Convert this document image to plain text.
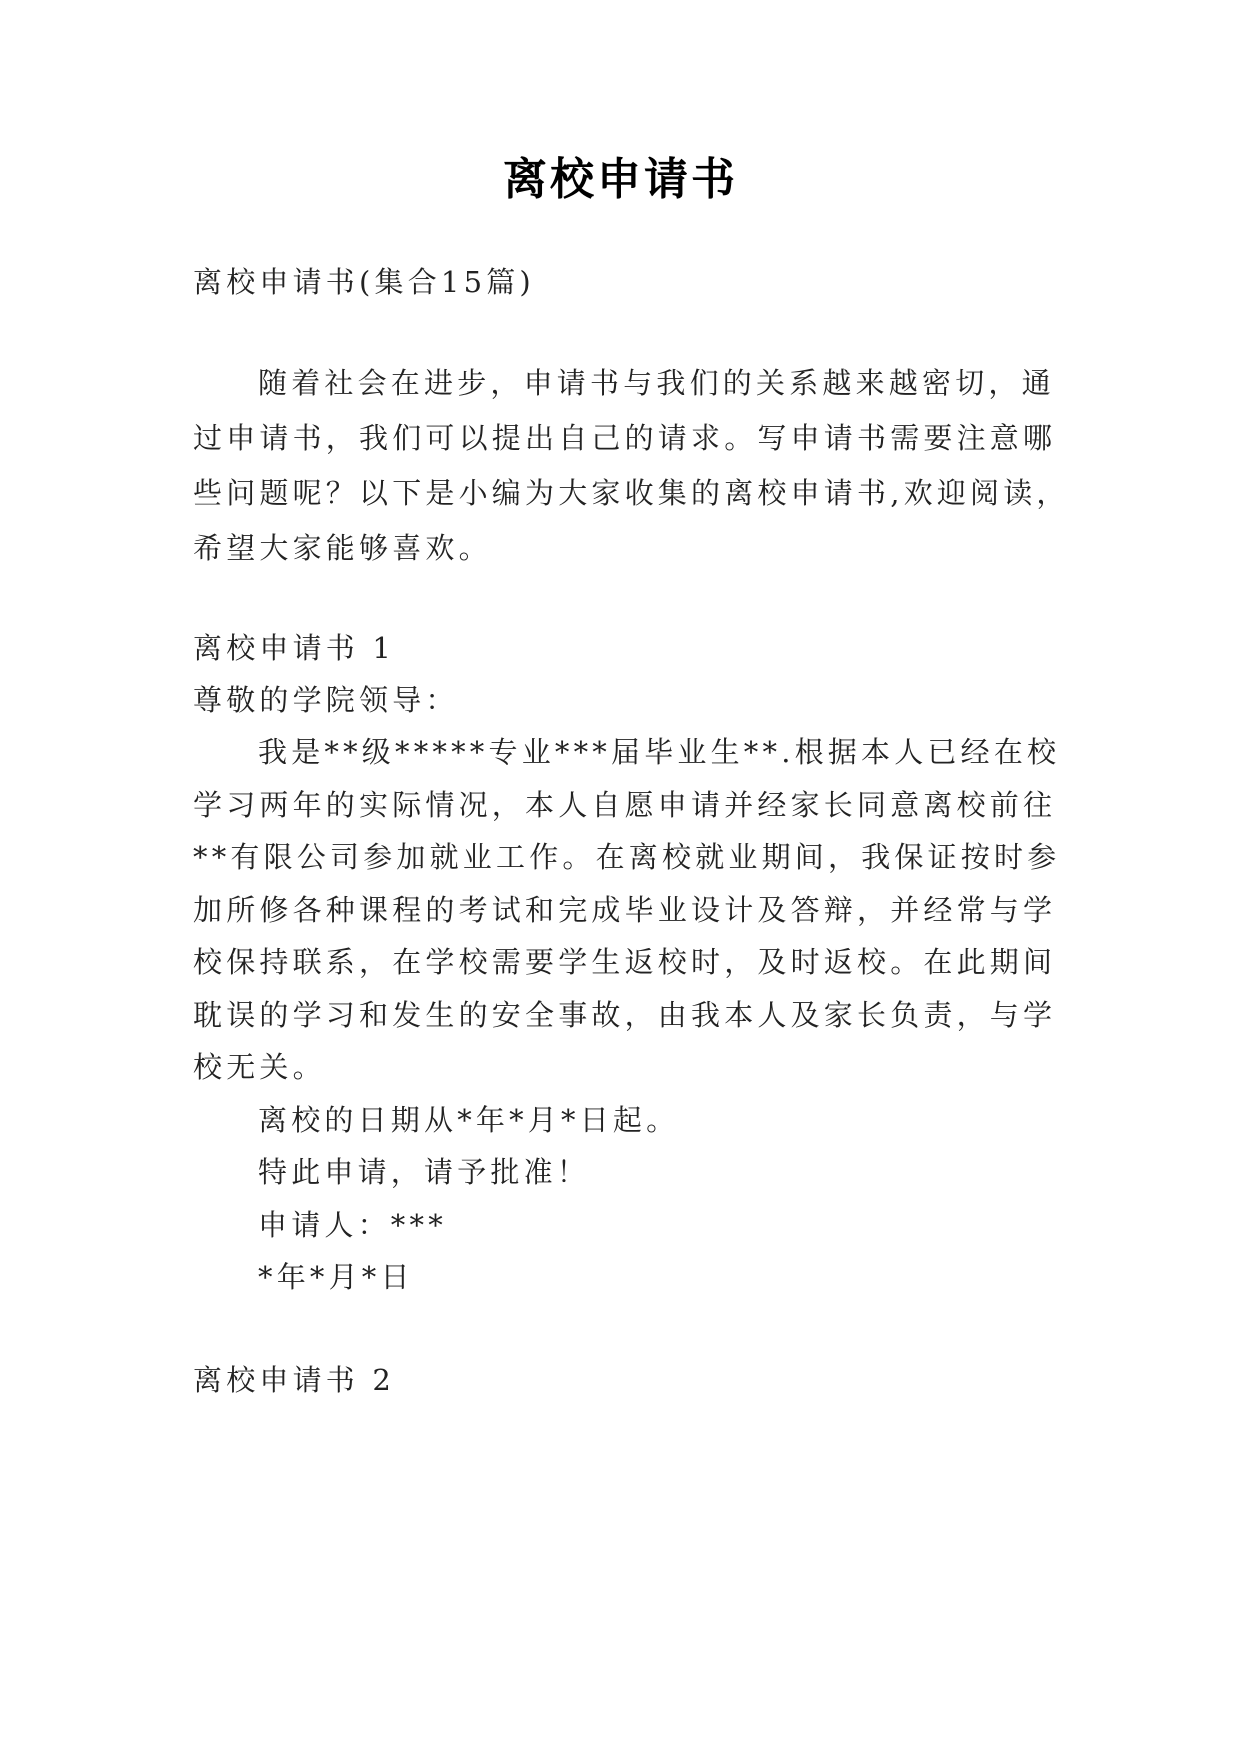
离校申请书
离校申请书(集合15篇)
随着社会在进步，申请书与我们的关系越来越密切，通
过申请书，我们可以提出自己的请求。写申请书需要注意哪
些问题呢？以下是小编为大家收集的离校申请书,欢迎阅读，
希望大家能够喜欢。
离校申请书 1
尊敬的学院领导：
我是**级*****专业***届毕业生**.根据本人已经在校
学习两年的实际情况，本人自愿申请并经家长同意离校前往
**有限公司参加就业工作。在离校就业期间，我保证按时参
加所修各种课程的考试和完成毕业设计及答辩，并经常与学
校保持联系，在学校需要学生返校时，及时返校。在此期间
耽误的学习和发生的安全事故，由我本人及家长负责，与学
校无关。
离校的日期从*年*月*日起。
特此申请，请予批准！
申请人：***
*年*月*日
离校申请书 2
